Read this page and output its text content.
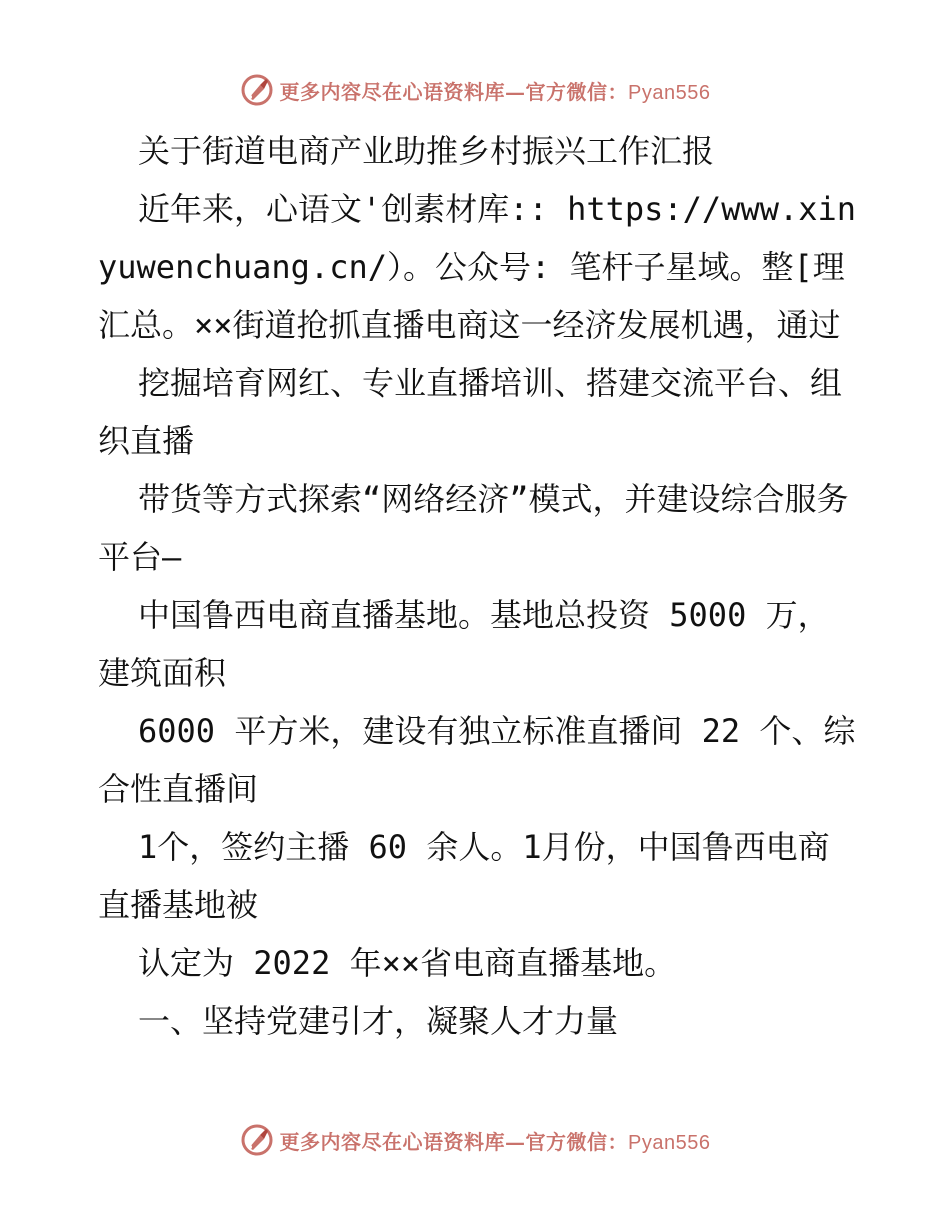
更多内容尽在心语资料库—官方微信：Pyan556

关于街道电商产业助推乡村振兴工作汇报

近年来，心语文'创素材库:: https://www.xinyuwenchuang.cn/）。公众号: 笔杆子星域。整[理汇总。××街道抢抓直播电商这一经济发展机遇，通过

挖掘培育网红、专业直播培训、搭建交流平台、组织直播

带货等方式探索“网络经济”模式，并建设综合服务平台—

中国鲁西电商直播基地。基地总投资 5000 万，建筑面积

6000 平方米，建设有独立标准直播间 22 个、综合性直播间

1个，签约主播 60 余人。1月份，中国鲁西电商直播基地被

认定为 2022 年××省电商直播基地。

一、坚持党建引才，凝聚人才力量

更多内容尽在心语资料库—官方微信：Pyan556
